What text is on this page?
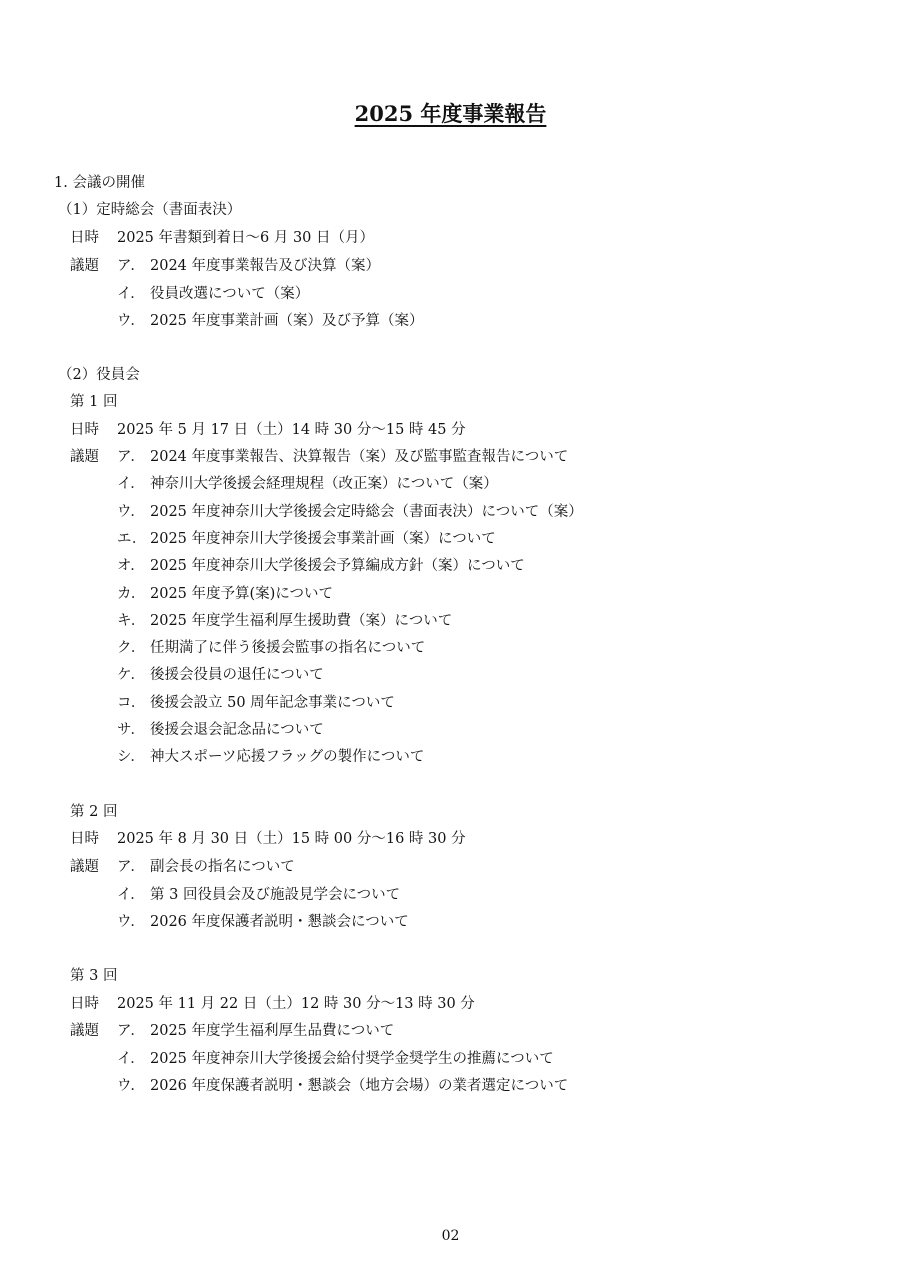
2025 年度事業報告
1. 会議の開催
（1）定時総会（書面表決）
日時 2025 年書類到着日～6 月 30 日（月）
議題 ア． 2024 年度事業報告及び決算（案）
イ． 役員改選について（案）
ウ． 2025 年度事業計画（案）及び予算（案）
（2）役員会
第 1 回
日時 2025 年 5 月 17 日（土）14 時 30 分～15 時 45 分
議題 ア． 2024 年度事業報告、決算報告（案）及び監事監査報告について
イ． 神奈川大学後援会経理規程（改正案）について（案）
ウ． 2025 年度神奈川大学後援会定時総会（書面表決）について（案）
エ． 2025 年度神奈川大学後援会事業計画（案）について
オ． 2025 年度神奈川大学後援会予算編成方針（案）について
カ． 2025 年度予算(案)について
キ． 2025 年度学生福利厚生援助費（案）について
ク． 任期満了に伴う後援会監事の指名について
ケ． 後援会役員の退任について
コ． 後援会設立 50 周年記念事業について
サ． 後援会退会記念品について
シ． 神大スポーツ応援フラッグの製作について
第 2 回
日時 2025 年 8 月 30 日（土）15 時 00 分～16 時 30 分
議題 ア． 副会長の指名について
イ． 第 3 回役員会及び施設見学会について
ウ． 2026 年度保護者説明・懇談会について
第 3 回
日時 2025 年 11 月 22 日（土）12 時 30 分～13 時 30 分
議題 ア． 2025 年度学生福利厚生品費について
イ． 2025 年度神奈川大学後援会給付奨学金奨学生の推薦について
ウ． 2026 年度保護者説明・懇談会（地方会場）の業者選定について
02
